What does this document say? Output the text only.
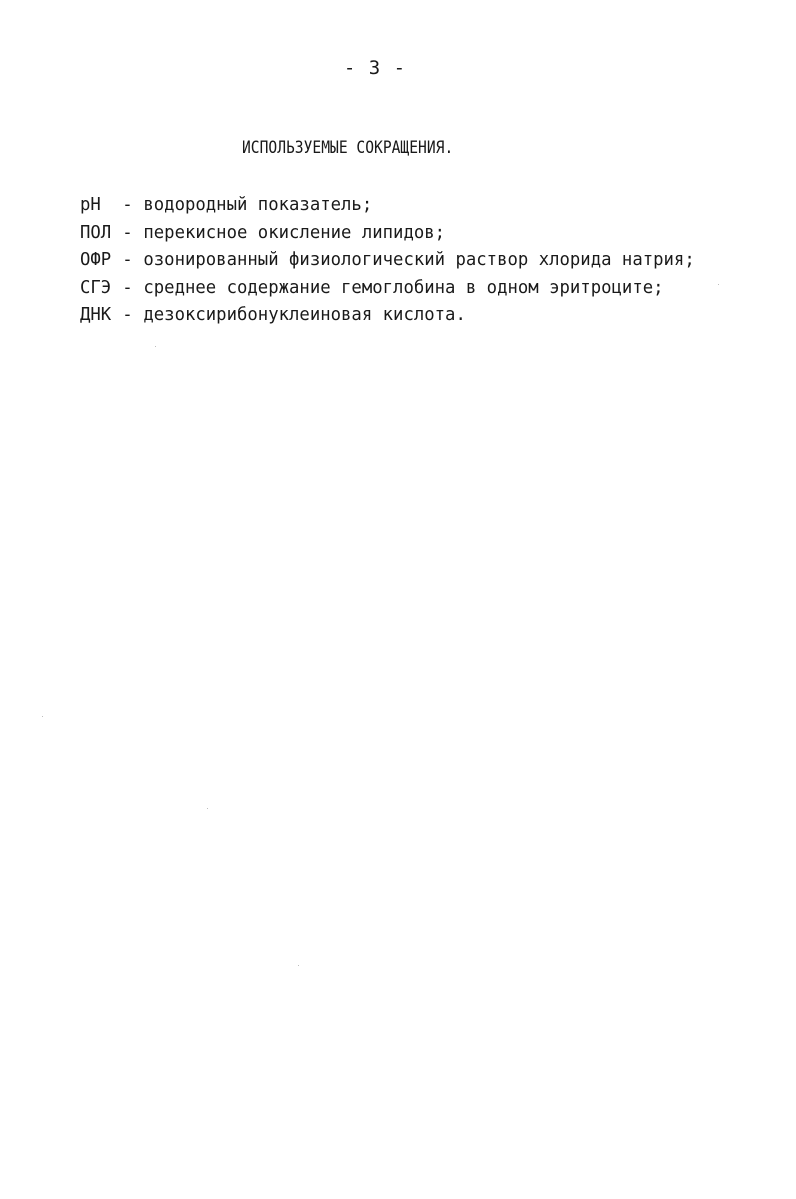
- 3 -
ИСПОЛЬЗУЕМЫЕ СОКРАЩЕНИЯ.
pH - водородный показатель;
ПОЛ - перекисное окисление липидов;
ОФР - озонированный физиологический раствор хлорида натрия;
СГЭ - среднее содержание гемоглобина в одном эритроците;
ДНК - дезоксирибонуклеиновая кислота.
